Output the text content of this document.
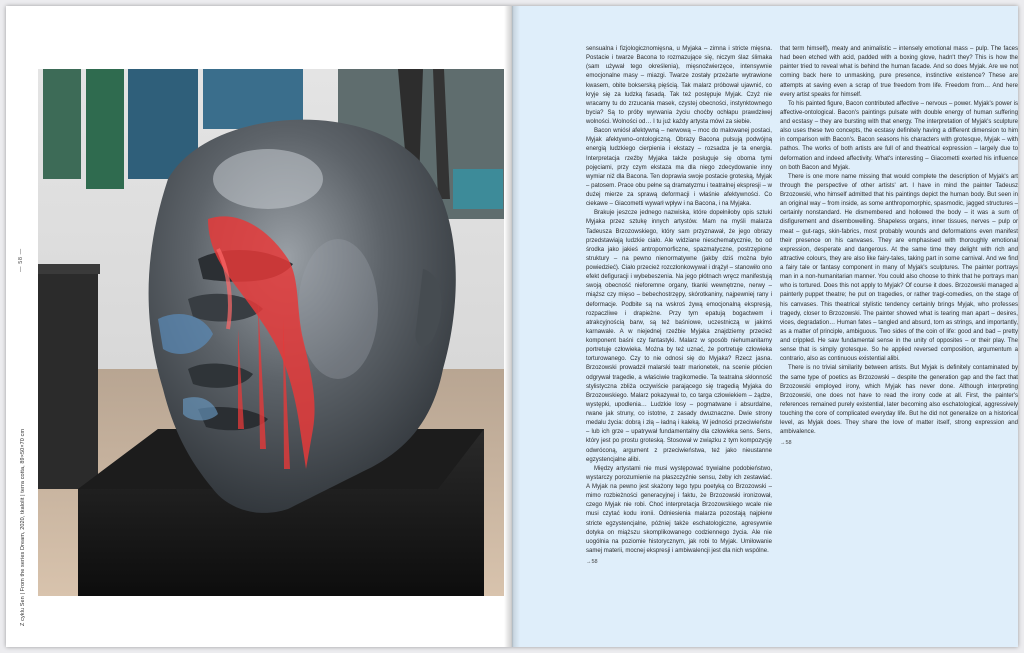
— 58 —
Z cyklu Sen | From the series Dream, 2020, tkalolit | terra cotta, 89×50×70 cm

sensualna i fizjologicznomięsna, u Myjaka – zimna i stricte mięsna. Postacie i twarze Bacona to rozmazujące się, niczym ślaz ślimaka (sam używał tego określenia), mięsnoźwierzęce, intensywnie emocjonalne masy – miazgi. Twarze zostały przeżarte wytrawione kwasem, obite bokserską pięścią. Tak malarz próbował ujawnić, co kryje się za ludzką fasadą. Tak też postępuje Myjak. Czyż nie wracamy tu do zrzucania masek, czystej obecności, instynktownego bycia? Są to próby wyrwania życiu choćby ochłapu prawdziwej wolności. Wolności od… I tu już każdy artysta mówi za siebie.

Bacon wniósł afektywną – nerwową – moc do malowanej postaci, Myjak afektywno–ontologiczną. Obrazy Bacona pulsują podwójną energią ludzkiego cierpienia i ekstazy – rozsadza je ta energia. Interpretacja rzeźby Myjaka także posługuje się oboma tymi pojęciami, przy czym ekstaza ma dla niego zdecydowanie inny wymiar niż dla Bacona. Ten doprawia swoje postacie groteską, Myjak – patosem. Prace obu pełne są dramatyzmu i teatralnej ekspresji – w dużej mierze za sprawą deformacji i właśnie afektywności. Co ciekawe – Giacometti wywarł wpływ i na Bacona, i na Myjaka.

Brakuje jeszcze jednego nazwiska, które dopełniłoby opis sztuki Myjaka przez sztukę innych artystów. Mam na myśli malarza Tadeusza Brzozowskiego, który sam przyznawał, że jego obrazy przedstawiają ludzkie ciało. Ale widziane nieschematycznie, bo od środka jako jakieś antropomorficzne, spazmatyczne, postrzępione struktury – na pewno nienormatywne (jakby dziś można było powiedzieć). Ciało przecież rozczłonkowywał i drążył – stanowiło ono efekt defiguracji i wybebeszenia. Na jego płótnach wręcz manifestują swoją obecność nieforemne organy, tkanki wewnętrzne, nerwy – miąższ czy mięso – bebechostrzępy, skórotkaniny, najpewniej rany i deformacje. Podbite są na wskroś żywą emocjonalną ekspresją, rozpaczliwe i drapieżne. Przy tym epatują bogactwem i atrakcyjnością barw, są też baśniowe, uczestniczą w jakimś karnawale. A w niejednej rzeźbie Myjaka znajdziemy przecież komponent baśni czy fantastyki. Malarz w sposób niehumanitarny portretuje człowieka. Można by też uznać, że portretuje człowieka torturowanego. Czy to nie odnosi się do Myjaka? Rzecz jasna. Brzozowski prowadził malarski teatr marionetek, na scenie płócien odgrywał tragedie, a właściwie tragikomedie. Ta teatralna skłonność stylistyczna zbliża oczywiście parającego się tragedią Myjaka do Brzozowskiego. Malarz pokazywał to, co targa człowiekiem – żądze, występki, upodlenia… Ludzkie losy – pogmatwane i absurdalne, rwane jak struny, co istotne, z zasady dwuznaczne. Dwie strony medalu życia: dobrą i złą – ładną i kaleką. W jedności przeciwieństw – lub ich grze – upatrywał fundamentalny dla człowieka sens. Sens, który jest po prostu groteską. Stosował w związku z tym kompozycję odwróconą, argument z przeciwieństwa, też jako nieustanne egzystencjalne alibi.

Między artystami nie musi występować trywialne podobieństwo, wystarczy porozumienie na płaszczyźnie sensu, żeby ich zestawiać. A Myjak na pewno jest skażony tego typu poetyką co Brzozowski – mimo rozbieżności generacyjnej i faktu, że Brzozowski ironizował, czego Myjak nie robi. Choć interpretacja Brzozowskiego wcale nie musi czytać kodu ironii. Odniesienia malarza pozostają najpierw stricte egzystencjalne, później także eschatologiczne, agresywnie dotyka on miąższu skomplikowanego codziennego życia. Ale nie uogólnia na poziomie historycznym, jak robi to Myjak. Umiłowanie samej materii, mocnej ekspresji i ambiwalencji jest dla nich wspólne.

→58

that term himself), meaty and animalistic – intensely emotional mass – pulp. The faces had been etched with acid, padded with a boxing glove, hadn't they? This is how the painter tried to reveal what is behind the human facade. And so does Myjak. Are we not coming back here to unmasking, pure presence, instinctive existence? These are attempts at saving even a scrap of true freedom from life. Freedom from… And here every artist speaks for himself.

To his painted figure, Bacon contributed affective – nervous – power. Myjak's power is affective-ontological. Bacon's paintings pulsate with double energy of human suffering and ecstasy – they are bursting with that energy. The interpretation of Myjak's sculpture also uses these two concepts, the ecstasy definitely having a different dimension to him in comparison with Bacon's. Bacon seasons his characters with grotesque, Myjak – with pathos. The works of both artists are full of and theatrical expression – largely due to deformation and indeed affectivity. What's interesting – Giacometti exerted his influence on both Bacon and Myjak.

There is one more name missing that would complete the description of Myjak's art through the perspective of other artists' art. I have in mind the painter Tadeusz Brzozowski, who himself admitted that his paintings depict the human body. But seen in an original way – from inside, as some anthropomorphic, spasmodic, jagged structures – certainly nonstandard. He dismembered and hollowed the body – it was a sum of disfigurement and disembowelling. Shapeless organs, inner tissues, nerves – pulp or meat – gut-rags, skin-fabrics, most probably wounds and deformations even manifest their presence on his canvases. They are emphasised with thoroughly emotional expression, desperate and dangerous. At the same time they delight with rich and attractive colours, they are also like fairy-tales, taking part in some carnival. And we find a fairy tale or fantasy component in many of Myjak's sculptures. The painter portrays man in a non-humanitarian manner. You could also choose to think that he portrays man who is tortured. Does this not apply to Myjak? Of course it does. Brzozowski managed a painterly puppet theatre; he put on tragedies, or rather tragi-comedies, on the stage of his canvases. This theatrical stylistic tendency certainly brings Myjak, who professes tragedy, closer to Brzozowski. The painter showed what is tearing man apart – desires, vices, degradation… Human fates – tangled and absurd, torn as strings, and importantly, as a matter of principle, ambiguous. Two sides of the coin of life: good and bad – pretty and crippled. He saw fundamental sense in the unity of opposites – or their play. The sense that is simply grotesque. So he applied reversed composition, argumentum a contrario, also as continuous existential alibi.

There is no trivial similarity between artists. But Myjak is definitely contaminated by the same type of poetics as Brzozowski – despite the generation gap and the fact that Brzozowski employed irony, which Myjak has never done. Although interpreting Brzozowski, one does not have to read the irony code at all. First, the painter's references remained purely existential, later becoming also eschatological, aggressively touching the core of complicated everyday life. But he did not generalize on a historical level, as Myjak does. They share the love of matter itself, strong expression and ambivalence.

→58
